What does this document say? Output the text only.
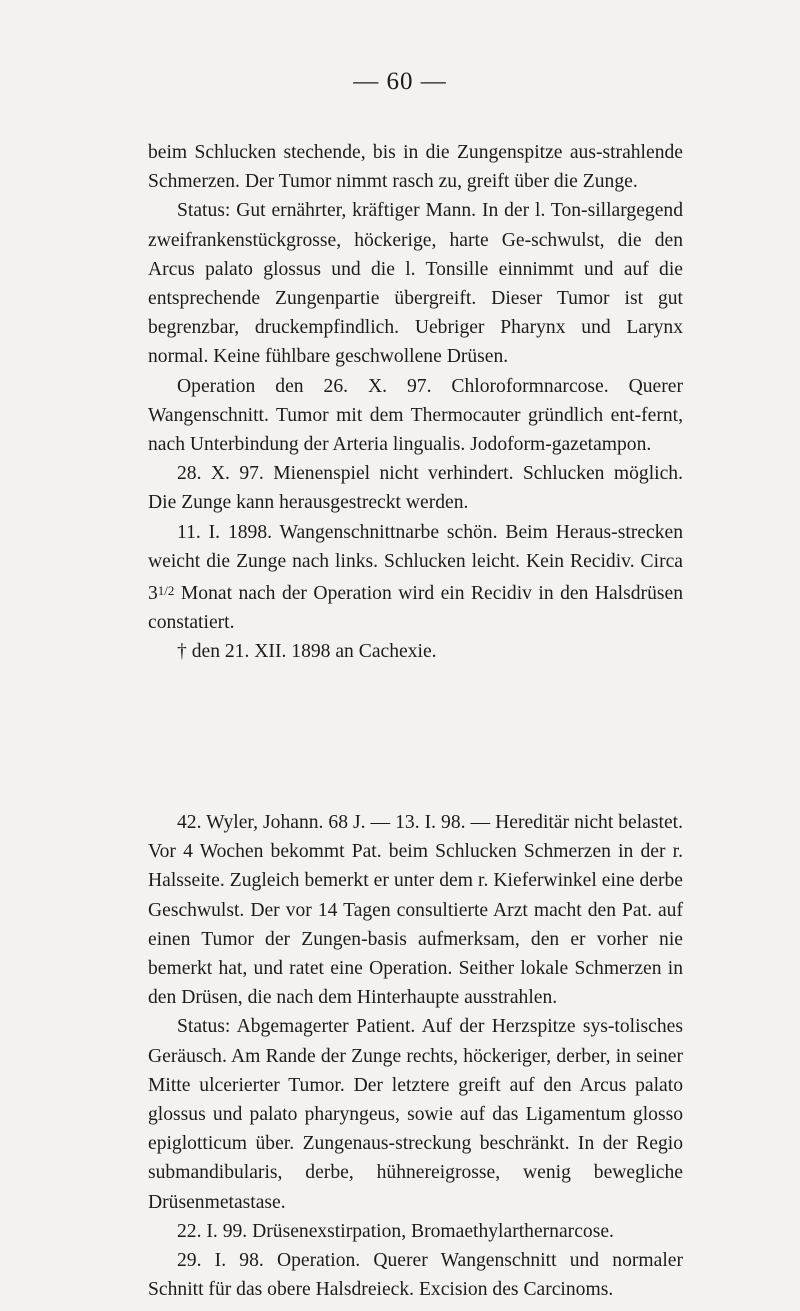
— 60 —

beim Schlucken stechende, bis in die Zungenspitze aus-strahlende Schmerzen. Der Tumor nimmt rasch zu, greift über die Zunge.

Status: Gut ernährter, kräftiger Mann. In der l. Ton-sillargegend zweifrankenstückgrosse, höckerige, harte Ge-schwulst, die den Arcus palato glossus und die l. Tonsille einnimmt und auf die entsprechende Zungenpartie übergreift. Dieser Tumor ist gut begrenzbar, druckempfindlich. Uebriger Pharynx und Larynx normal. Keine fühlbare geschwollene Drüsen.

Operation den 26. X. 97. Chloroformnarcose. Querer Wangenschnitt. Tumor mit dem Thermocauter gründlich ent-fernt, nach Unterbindung der Arteria lingualis. Jodoform-gazetampon.

28. X. 97. Mienenspiel nicht verhindert. Schlucken möglich. Die Zunge kann herausgestreckt werden.

11. I. 1898. Wangenschnittnarbe schön. Beim Heraus-strecken weicht die Zunge nach links. Schlucken leicht. Kein Recidiv. Circa $3^{1/2}$ Monat nach der Operation wird ein Recidiv in den Halsdrüsen constatiert.

† den 21. XII. 1898 an Cachexie.

42. Wyler, Johann. 68 J. — 13. I. 98. — Hereditär nicht belastet. Vor 4 Wochen bekommt Pat. beim Schlucken Schmerzen in der r. Halsseite. Zugleich bemerkt er unter dem r. Kieferwinkel eine derbe Geschwulst. Der vor 14 Tagen consultierte Arzt macht den Pat. auf einen Tumor der Zungen-basis aufmerksam, den er vorher nie bemerkt hat, und ratet eine Operation. Seither lokale Schmerzen in den Drüsen, die nach dem Hinterhaupte ausstrahlen.

Status: Abgemagerter Patient. Auf der Herzspitze sys-tolisches Geräusch. Am Rande der Zunge rechts, höckeriger, derber, in seiner Mitte ulcerierter Tumor. Der letztere greift auf den Arcus palato glossus und palato pharyngeus, sowie auf das Ligamentum glosso epiglotticum über. Zungenaus-streckung beschränkt. In der Regio submandibularis, derbe, hühnereigrosse, wenig bewegliche Drüsenmetastase.

22. I. 99. Drüsenexstirpation, Bromaethylarthernarcose.

29. I. 98. Operation. Querer Wangenschnitt und normaler Schnitt für das obere Halsdreieck. Excision des Carcinoms.
